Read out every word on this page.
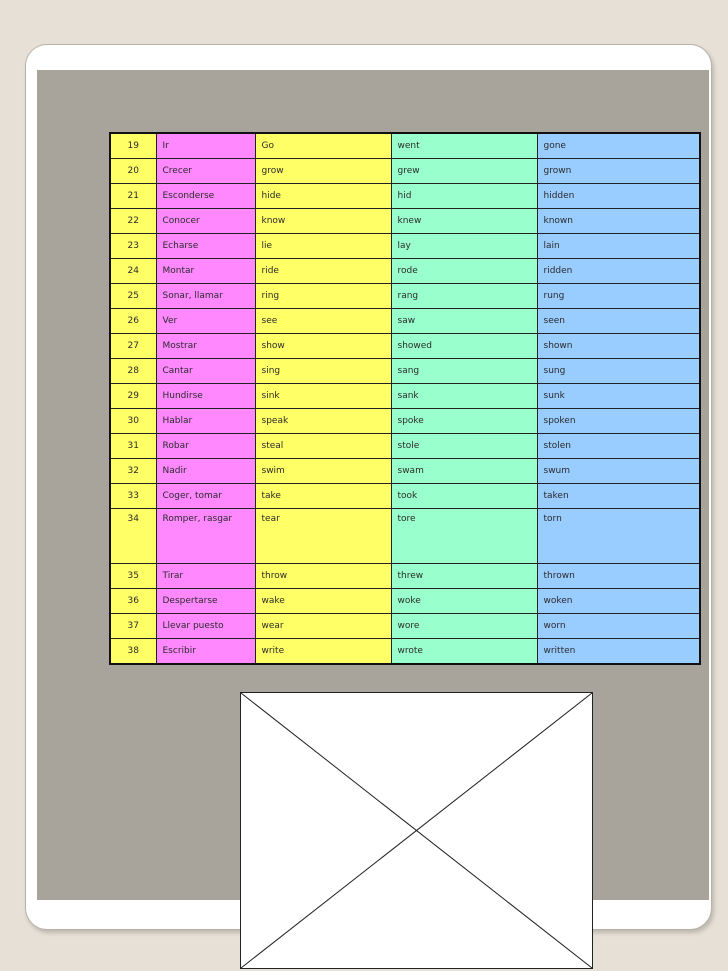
19	Ir	Go	went	gone
20	Crecer	grow	grew	grown
21	Esconderse	hide	hid	hidden
22	Conocer	know	knew	known
23	Echarse	lie	lay	lain
24	Montar	ride	rode	ridden
25	Sonar, llamar	ring	rang	rung
26	Ver	see	saw	seen
27	Mostrar	show	showed	shown
28	Cantar	sing	sang	sung
29	Hundirse	sink	sank	sunk
30	Hablar	speak	spoke	spoken
31	Robar	steal	stole	stolen
32	Nadir	swim	swam	swum
33	Coger, tomar	take	took	taken
34	Romper, rasgar	tear	tore	torn
35	Tirar	throw	threw	thrown
36	Despertarse	wake	woke	woken
37	Llevar puesto	wear	wore	worn
38	Escribir	write	wrote	written
